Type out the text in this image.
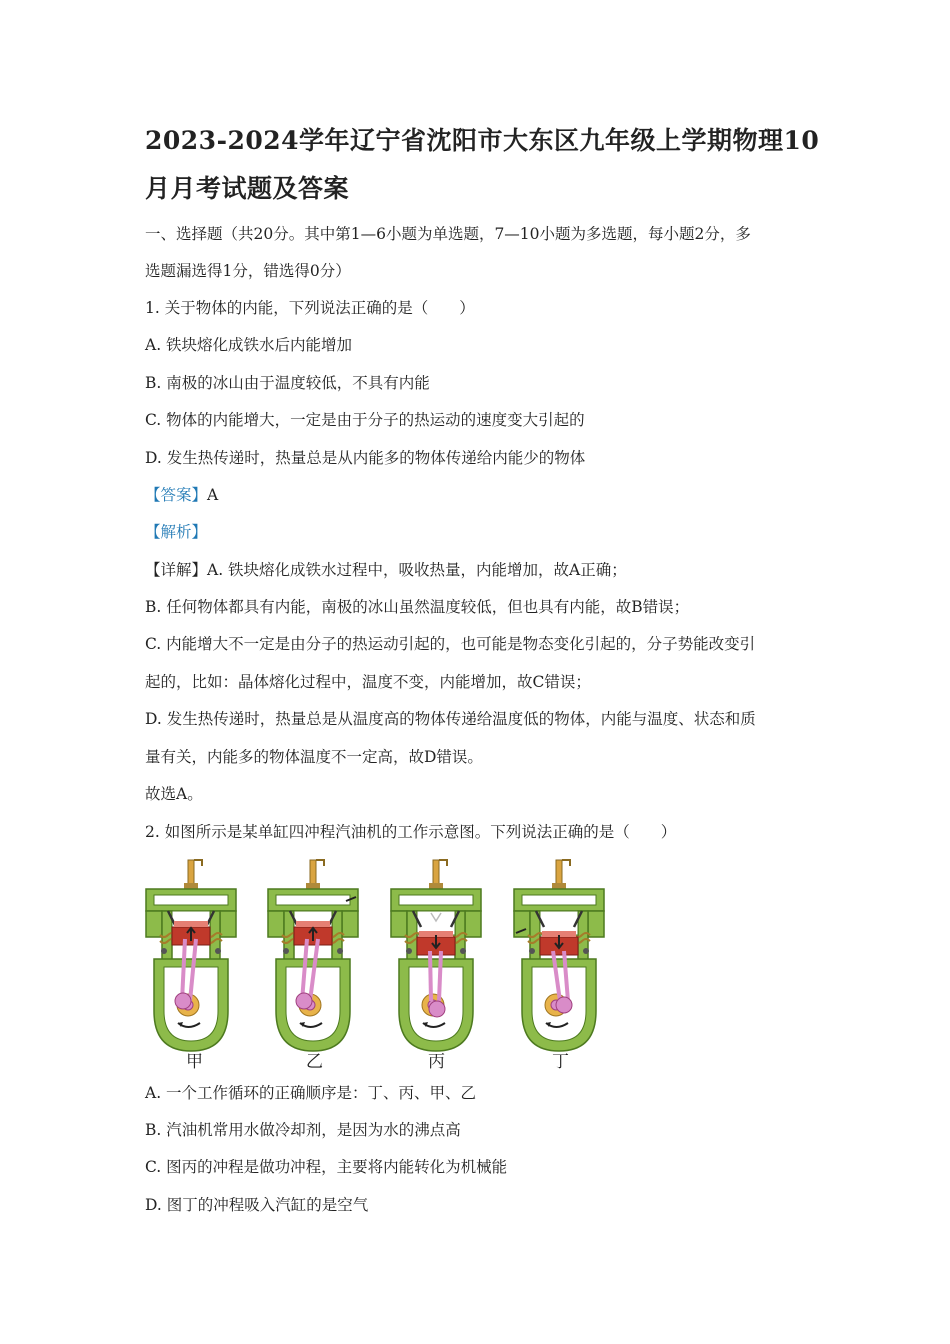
2023-2024学年辽宁省沈阳市大东区九年级上学期物理10
月月考试题及答案
一、选择题（共20分。其中第1—6小题为单选题，7—10小题为多选题，每小题2分，多
选题漏选得1分，错选得0分）
1. 关于物体的内能，下列说法正确的是（　　）
A. 铁块熔化成铁水后内能增加
B. 南极的冰山由于温度较低，不具有内能
C. 物体的内能增大，一定是由于分子的热运动的速度变大引起的
D. 发生热传递时，热量总是从内能多的物体传递给内能少的物体
【答案】A
【解析】
【详解】A. 铁块熔化成铁水过程中，吸收热量，内能增加，故A正确；
B. 任何物体都具有内能，南极的冰山虽然温度较低，但也具有内能，故B错误；
C. 内能增大不一定是由分子的热运动引起的，也可能是物态变化引起的，分子势能改变引
起的，比如：晶体熔化过程中，温度不变，内能增加，故C错误；
D. 发生热传递时，热量总是从温度高的物体传递给温度低的物体，内能与温度、状态和质
量有关，内能多的物体温度不一定高，故D错误。
故选A。
2. 如图所示是某单缸四冲程汽油机的工作示意图。下列说法正确的是（　　）
甲	乙	丙	丁
A. 一个工作循环的正确顺序是：丁、丙、甲、乙
B. 汽油机常用水做冷却剂，是因为水的沸点高
C. 图丙的冲程是做功冲程，主要将内能转化为机械能
D. 图丁的冲程吸入汽缸的是空气
